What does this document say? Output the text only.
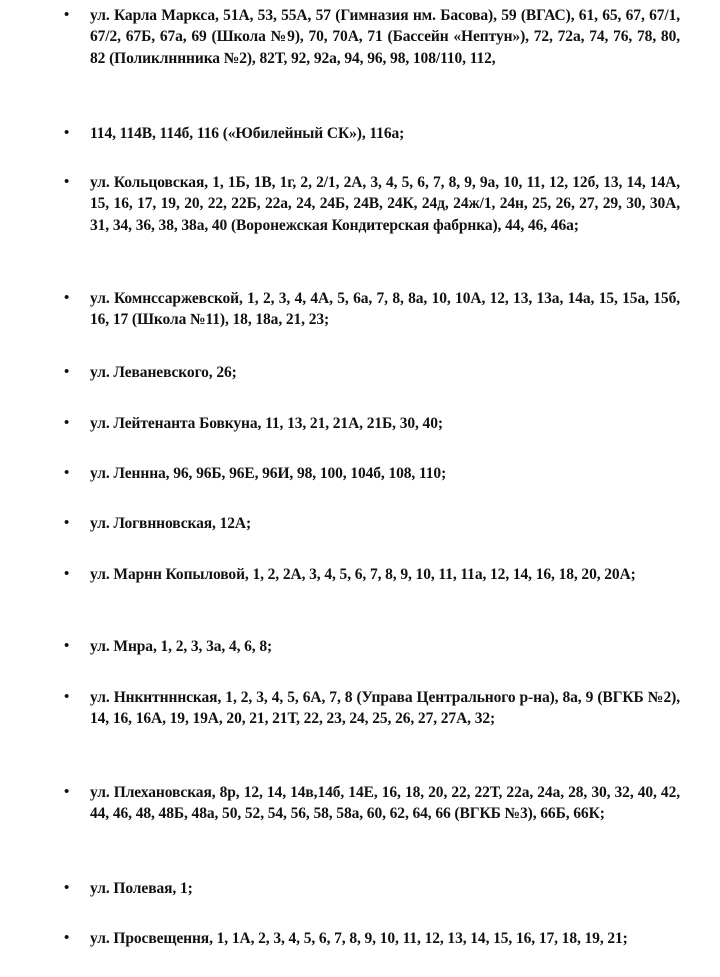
• ул. Карла Маркса, 51А, 53, 55А, 57 (Гимназия нм. Басова), 59 (ВГАС), 61, 65, 67, 67/1, 67/2, 67Б, 67а, 69 (Школа №9), 70, 70А, 71 (Бассейн «Нептун»), 72, 72а, 74, 76, 78, 80, 82 (Поликлннника №2), 82Т, 92, 92а, 94, 96, 98, 108/110, 112,
• 114, 114В, 114б, 116 («Юбилейный СК»), 116а;
• ул. Кольцовская, 1, 1Б, 1В, 1г, 2, 2/1, 2А, 3, 4, 5, 6, 7, 8, 9, 9а, 10, 11, 12, 12б, 13, 14, 14А, 15, 16, 17, 19, 20, 22, 22Б, 22а, 24, 24Б, 24В, 24К, 24д, 24ж/1, 24н, 25, 26, 27, 29, 30, 30А, 31, 34, 36, 38, 38а, 40 (Воронежская Кондитерская фабрнка), 44, 46, 46а;
• ул. Комнссаржевской, 1, 2, 3, 4, 4А, 5, 6а, 7, 8, 8а, 10, 10А, 12, 13, 13а, 14а, 15, 15а, 15б, 16, 17 (Школа №11), 18, 18а, 21, 23;
• ул. Леваневского, 26;
• ул. Лейтенанта Бовкуна, 11, 13, 21, 21А, 21Б, 30, 40;
• ул. Леннна, 96, 96Б, 96Е, 96И, 98, 100, 104б, 108, 110;
• ул. Логвнновская, 12А;
• ул. Марнн Копыловой, 1, 2, 2А, 3, 4, 5, 6, 7, 8, 9, 10, 11, 11а, 12, 14, 16, 18, 20, 20А;
• ул. Мнра, 1, 2, 3, 3а, 4, 6, 8;
• ул. Ннкнтнннская, 1, 2, 3, 4, 5, 6А, 7, 8 (Управа Центрального р-на), 8а, 9 (ВГКБ №2), 14, 16, 16А, 19, 19А, 20, 21, 21Т, 22, 23, 24, 25, 26, 27, 27А, 32;
• ул. Плехановская, 8р, 12, 14, 14в,14б, 14Е, 16, 18, 20, 22, 22Т, 22а, 24а, 28, 30, 32, 40, 42, 44, 46, 48, 48Б, 48а, 50, 52, 54, 56, 58, 58а, 60, 62, 64, 66 (ВГКБ №3), 66Б, 66К;
• ул. Полевая, 1;
• ул. Просвещення, 1, 1А, 2, 3, 4, 5, 6, 7, 8, 9, 10, 11, 12, 13, 14, 15, 16, 17, 18, 19, 21;
